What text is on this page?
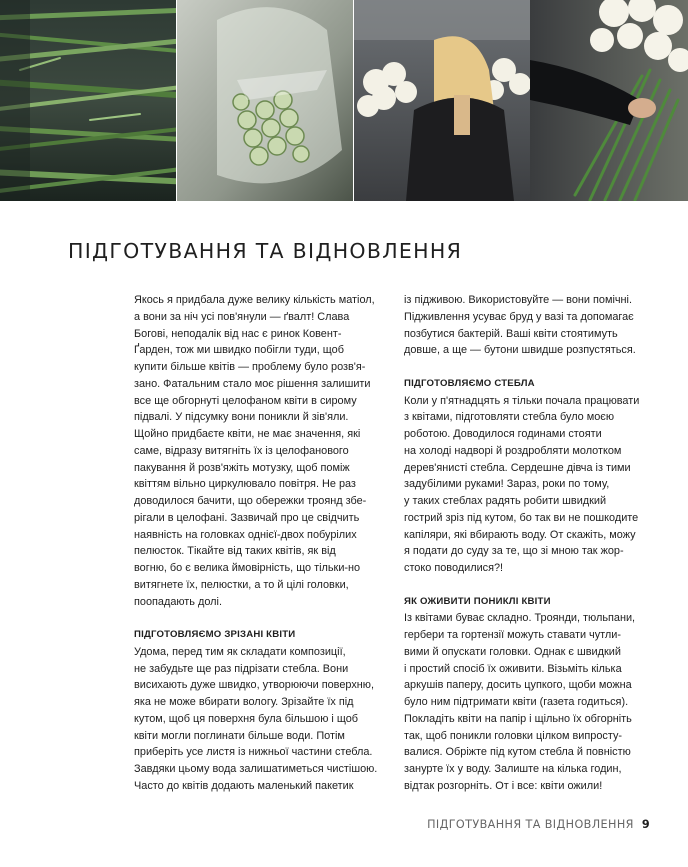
ПІДГОТУВАННЯ ТА ВІДНОВЛЕННЯ

Якось я придбала дуже велику кількість матіол,
а вони за ніч усі пов'янули — ґвалт! Слава
Богові, неподалік від нас є ринок Ковент-
Ґарден, тож ми швидко побігли туди, щоб
купити більше квітів — проблему було розв'я-
зано. Фатальним стало моє рішення залишити
все ще обгорнуті целофаном квіти в сирому
підвалі. У підсумку вони поникли й зів'яли.
Щойно придбаєте квіти, не має значення, які
саме, відразу витягніть їх із целофанового
пакування й розв'яжіть мотузку, щоб поміж
квіттям вільно циркулювало повітря. Не раз
доводилося бачити, що обережки троянд збе-
рігали в целофані. Зазвичай про це свідчить
наявність на головках однієї-двох побурілих
пелюсток. Тікайте від таких квітів, як від
вогню, бо є велика ймовірність, що тільки-но
витягнете їх, пелюстки, а то й цілі головки,
поопадають долі.

ПІДГОТОВЛЯЄМО ЗРІЗАНІ КВІТИ

Удома, перед тим як складати композиції,
не забудьте ще раз підрізати стебла. Вони
висихають дуже швидко, утворюючи поверхню,
яка не може вбирати вологу. Зрізайте їх під
кутом, щоб ця поверхня була більшою і щоб
квіти могли поглинати більше води. Потім
приберіть усе листя із нижньої частини стебла.
Завдяки цьому вода залишатиметься чистішою.
Часто до квітів додають маленький пакетик

із підживою. Використовуйте — вони помічні.
Підживлення усуває бруд у вазі та допомагає
позбутися бактерій. Ваші квіти стоятимуть
довше, а ще — бутони швидше розпустяться.

ПІДГОТОВЛЯЄМО СТЕБЛА

Коли у п'ятнадцять я тільки почала працювати
з квітами, підготовляти стебла було моєю
роботою. Доводилося годинами стояти
на холоді надворі й роздробляти молотком
дерев'янисті стебла. Сердешне дівча із тими
задубілими руками! Зараз, роки по тому,
у таких стеблах радять робити швидкий
гострий зріз під кутом, бо так ви не пошкодите
капіляри, які вбирають воду. От скажіть, можу
я подати до суду за те, що зі мною так жор-
стоко поводилися?!

ЯК ОЖИВИТИ ПОНИКЛІ КВІТИ

Із квітами буває складно. Троянди, тюльпани,
гербери та гортензії можуть ставати чутли-
вими й опускати головки. Однак є швидкий
і простий спосіб їх оживити. Візьміть кілька
аркушів паперу, досить цупкого, щоби можна
було ним підтримати квіти (газета годиться).
Покладіть квіти на папір і щільно їх обгорніть
так, щоб поникли головки цілком випросту-
валися. Обріжте під кутом стебла й повністю
занурте їх у воду. Залиште на кілька годин,
відтак розгорніть. От і все: квіти ожили!

ПІДГОТУВАННЯ ТА ВІДНОВЛЕННЯ 9
